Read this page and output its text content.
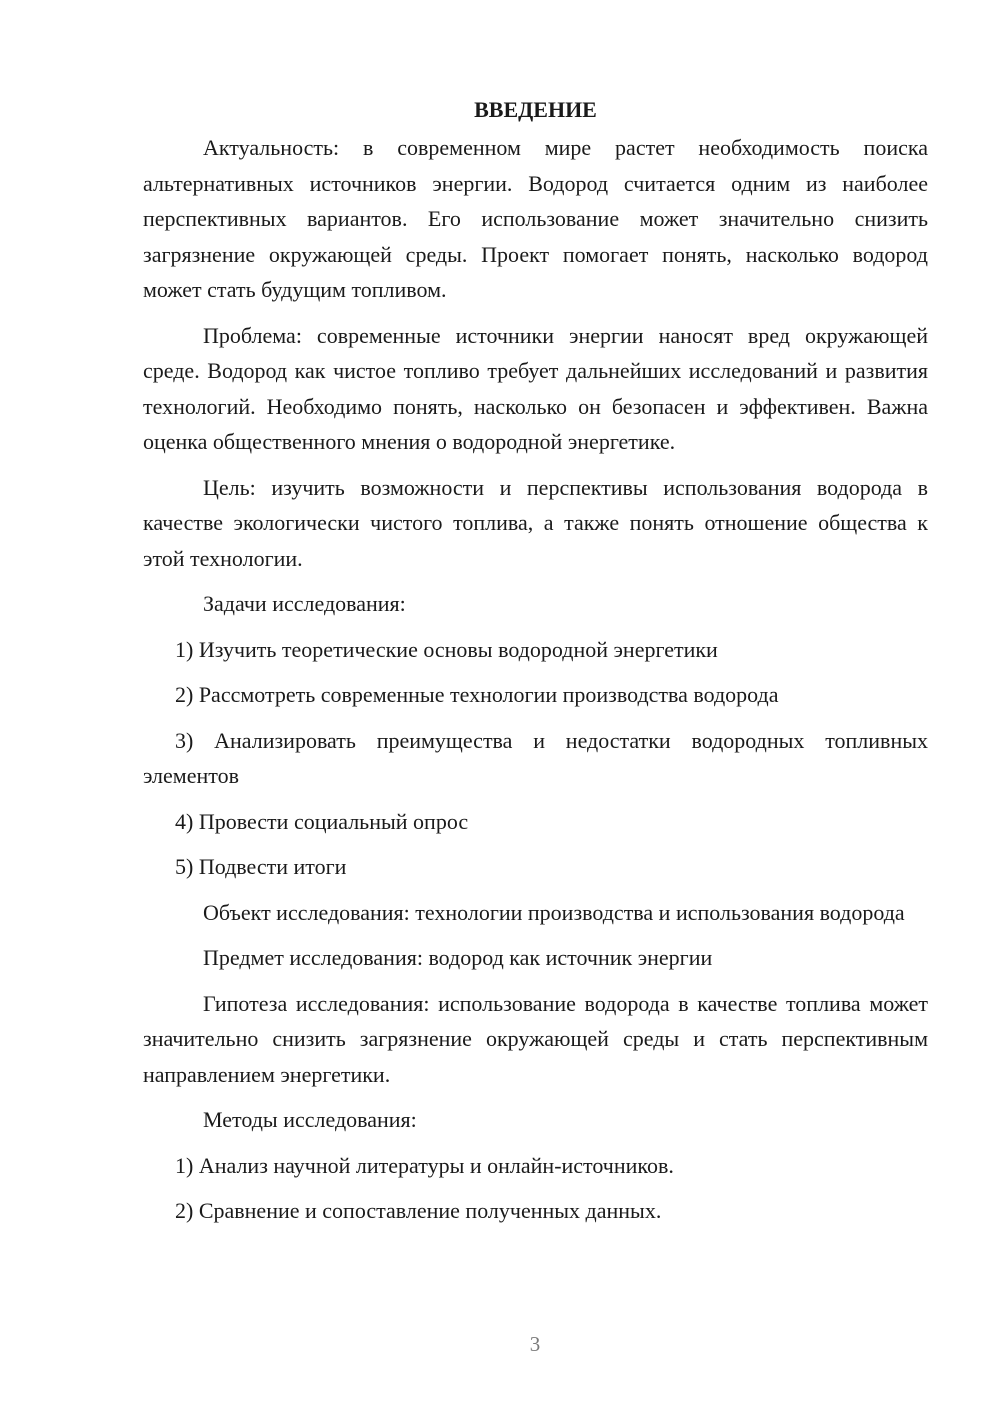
ВВЕДЕНИЕ

Актуальность: в современном мире растет необходимость поиска альтернативных источников энергии. Водород считается одним из наиболее перспективных вариантов. Его использование может значительно снизить загрязнение окружающей среды. Проект помогает понять, насколько водород может стать будущим топливом.

Проблема: современные источники энергии наносят вред окружающей среде. Водород как чистое топливо требует дальнейших исследований и развития технологий. Необходимо понять, насколько он безопасен и эффективен. Важна оценка общественного мнения о водородной энергетике.

Цель: изучить возможности и перспективы использования водорода в качестве экологически чистого топлива, а также понять отношение общества к этой технологии.

Задачи исследования:

1) Изучить теоретические основы водородной энергетики

2) Рассмотреть современные технологии производства водорода

3) Анализировать преимущества и недостатки водородных топливных элементов

4) Провести социальный опрос

5) Подвести итоги

Объект исследования: технологии производства и использования водорода

Предмет исследования: водород как источник энергии

Гипотеза исследования: использование водорода в качестве топлива может значительно снизить загрязнение окружающей среды и стать перспективным направлением энергетики.

Методы исследования:

1) Анализ научной литературы и онлайн-источников.

2) Сравнение и сопоставление полученных данных.

3
